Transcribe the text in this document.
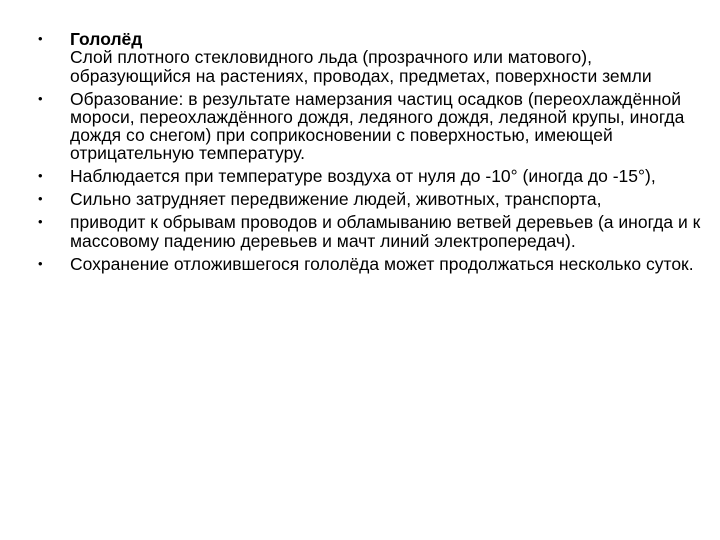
•	Гололёд
Слой плотного стекловидного льда (прозрачного или матового), образующийся на растениях, проводах, предметах, поверхности земли
•	Образование: в результате намерзания частиц осадков (переохлаждённой мороси, переохлаждённого дождя, ледяного дождя, ледяной крупы, иногда дождя со снегом) при соприкосновении с поверхностью, имеющей отрицательную температуру.
•	Наблюдается при температуре воздуха от нуля до -10° (иногда до -15°),
•	Сильно затрудняет передвижение людей, животных, транспорта,
•	приводит к обрывам проводов и обламыванию ветвей деревьев (а иногда и к массовому падению деревьев и мачт линий электропередач).
•	Сохранение отложившегося гололёда может продолжаться несколько суток.
